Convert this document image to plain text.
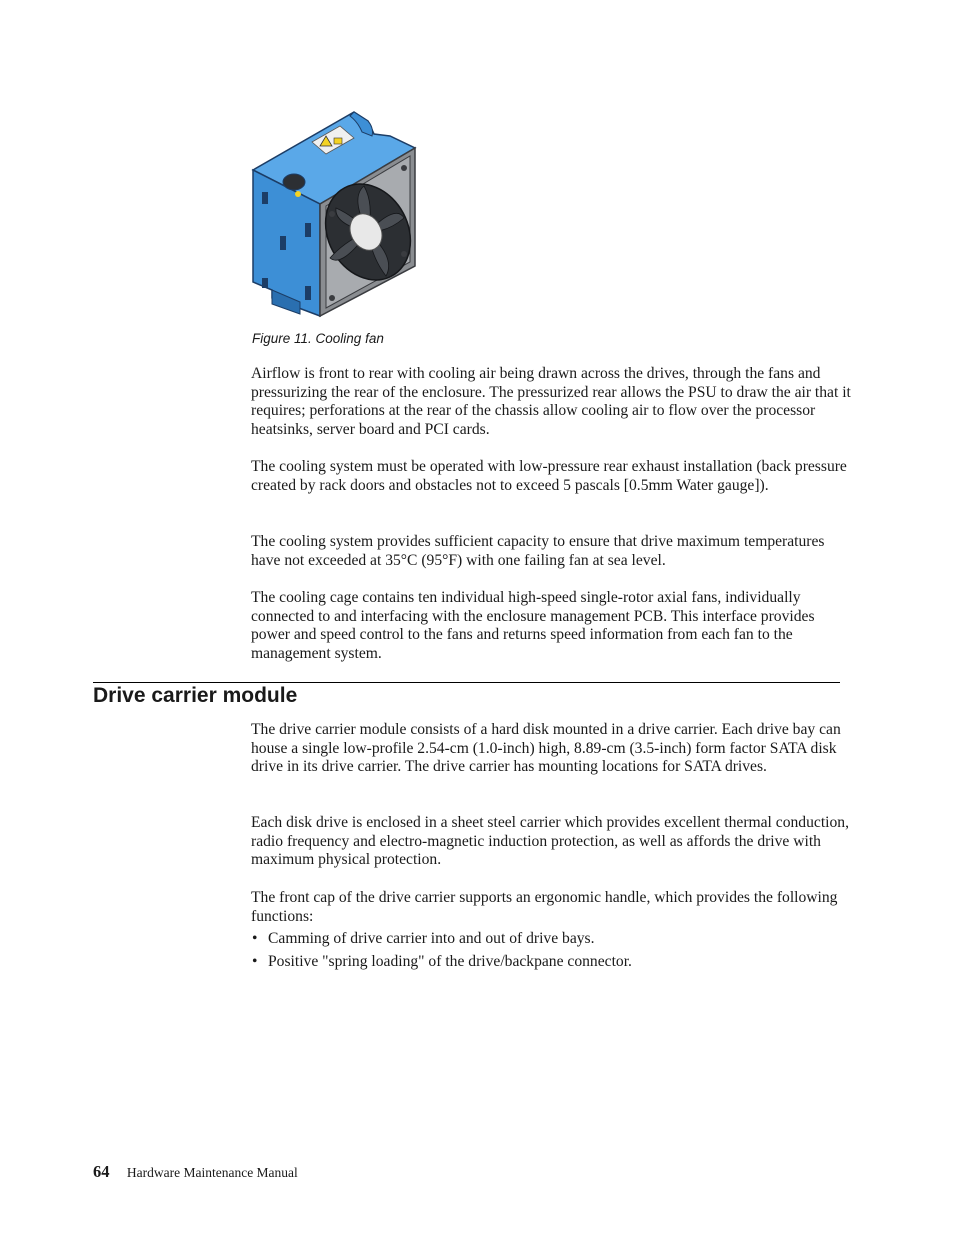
Figure 11. Cooling fan

Airflow is front to rear with cooling air being drawn across the drives, through the fans and pressurizing the rear of the enclosure. The pressurized rear allows the PSU to draw the air that it requires; perforations at the rear of the chassis allow cooling air to flow over the processor heatsinks, server board and PCI cards.

The cooling system must be operated with low-pressure rear exhaust installation (back pressure created by rack doors and obstacles not to exceed 5 pascals [0.5mm Water gauge]).

The cooling system provides sufficient capacity to ensure that drive maximum temperatures have not exceeded at 35°C (95°F) with one failing fan at sea level.

The cooling cage contains ten individual high-speed single-rotor axial fans, individually connected to and interfacing with the enclosure management PCB. This interface provides power and speed control to the fans and returns speed information from each fan to the management system.

Drive carrier module

The drive carrier module consists of a hard disk mounted in a drive carrier. Each drive bay can house a single low-profile 2.54-cm (1.0-inch) high, 8.89-cm (3.5-inch) form factor SATA disk drive in its drive carrier. The drive carrier has mounting locations for SATA drives.

Each disk drive is enclosed in a sheet steel carrier which provides excellent thermal conduction, radio frequency and electro-magnetic induction protection, as well as affords the drive with maximum physical protection.

The front cap of the drive carrier supports an ergonomic handle, which provides the following functions:

• Camming of drive carrier into and out of drive bays.
• Positive "spring loading" of the drive/backpane connector.
64 Hardware Maintenance Manual
